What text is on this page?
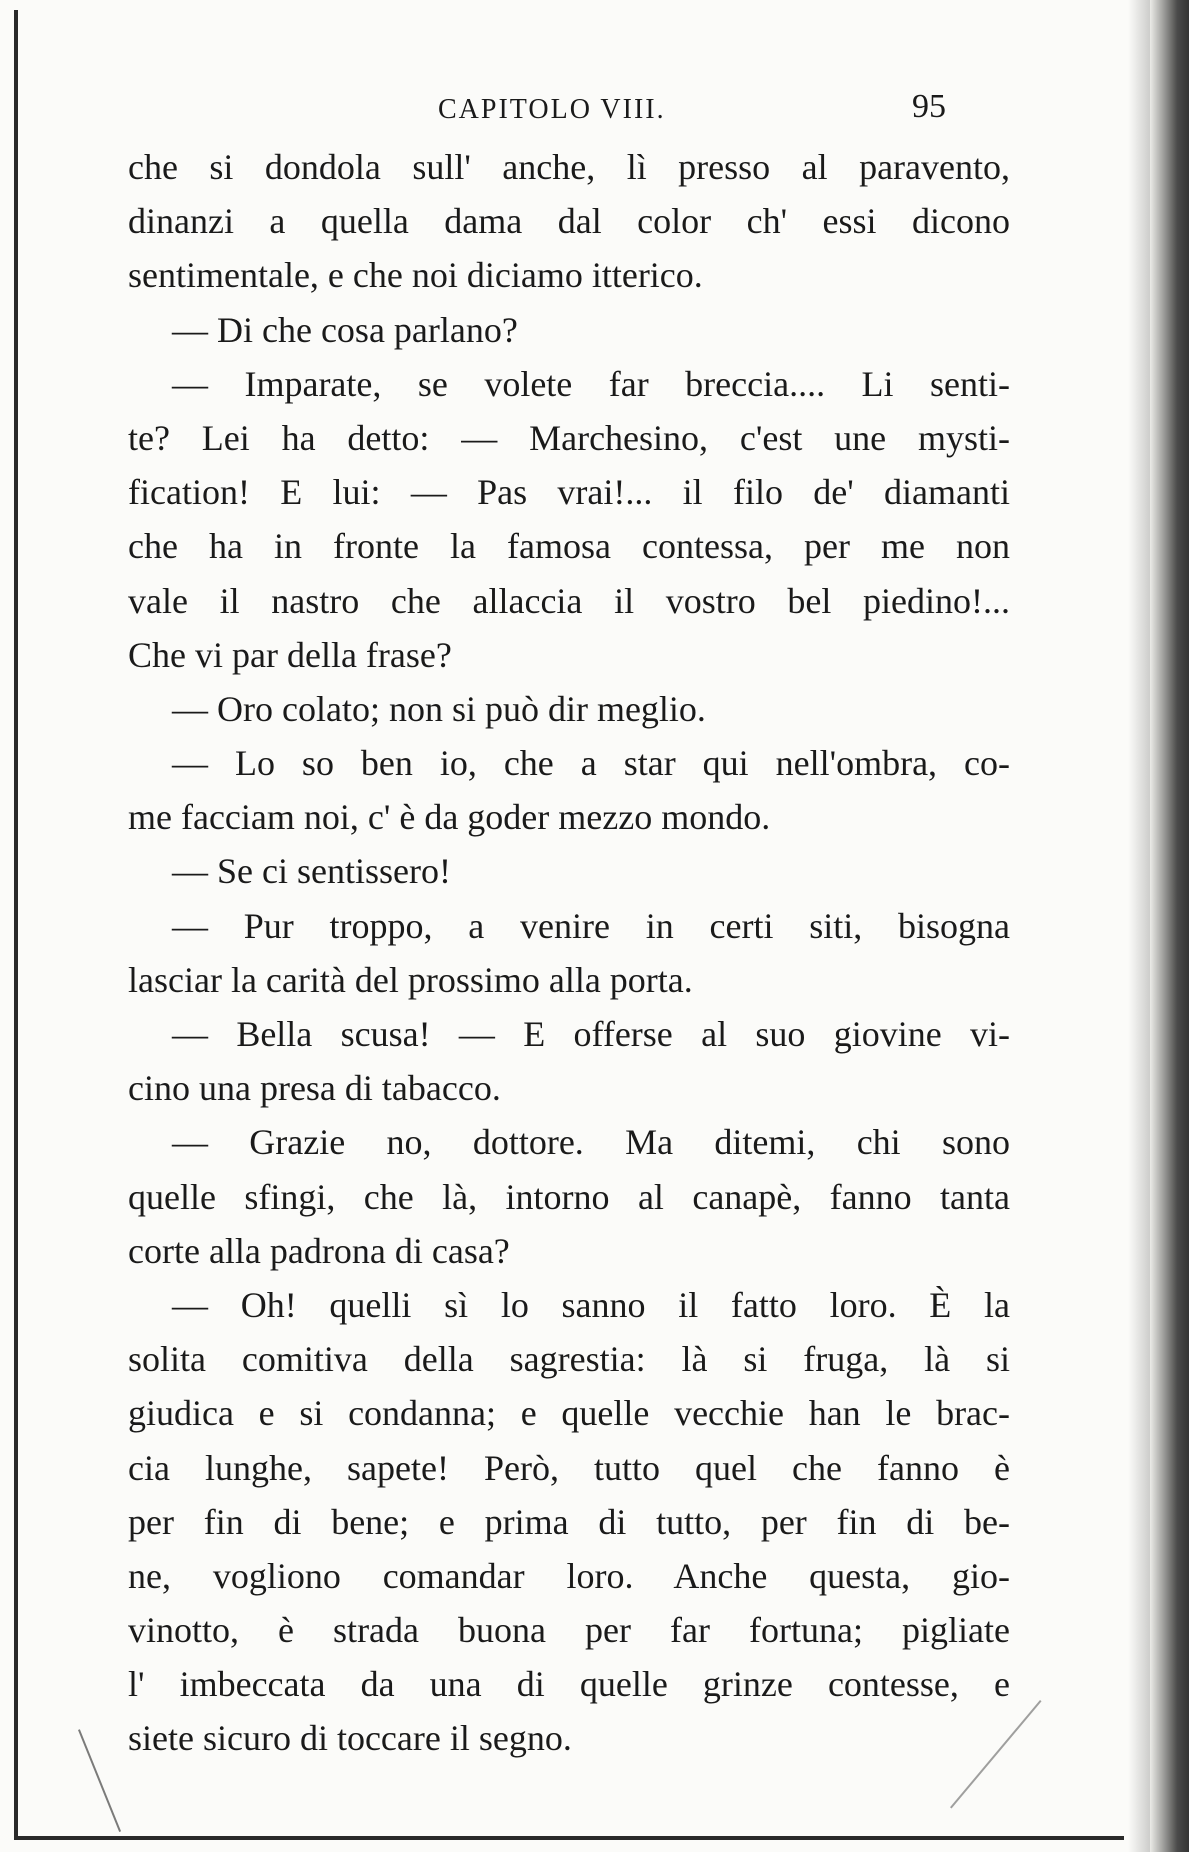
CAPITOLO VIII.	95
che si dondola sull' anche, lì presso al paravento,
dinanzi a quella dama dal color ch' essi dicono
sentimentale, e che noi diciamo itterico.
— Di che cosa parlano?
— Imparate, se volete far breccia.... Li senti-
te? Lei ha detto: — Marchesino, c'est une mysti-
fication! E lui: — Pas vrai!... il filo de' diamanti
che ha in fronte la famosa contessa, per me non
vale il nastro che allaccia il vostro bel piedino!...
Che vi par della frase?
— Oro colato; non si può dir meglio.
— Lo so ben io, che a star qui nell'ombra, co-
me facciam noi, c' è da goder mezzo mondo.
— Se ci sentissero!
— Pur troppo, a venire in certi siti, bisogna
lasciar la carità del prossimo alla porta.
— Bella scusa! — E offerse al suo giovine vi-
cino una presa di tabacco.
— Grazie no, dottore. Ma ditemi, chi sono
quelle sfingi, che là, intorno al canapè, fanno tanta
corte alla padrona di casa?
— Oh! quelli sì lo sanno il fatto loro. È la
solita comitiva della sagrestia: là si fruga, là si
giudica e si condanna; e quelle vecchie han le brac-
cia lunghe, sapete! Però, tutto quel che fanno è
per fin di bene; e prima di tutto, per fin di be-
ne, vogliono comandar loro. Anche questa, gio-
vinotto, è strada buona per far fortuna; pigliate
l' imbeccata da una di quelle grinze contesse, e
siete sicuro di toccare il segno.
